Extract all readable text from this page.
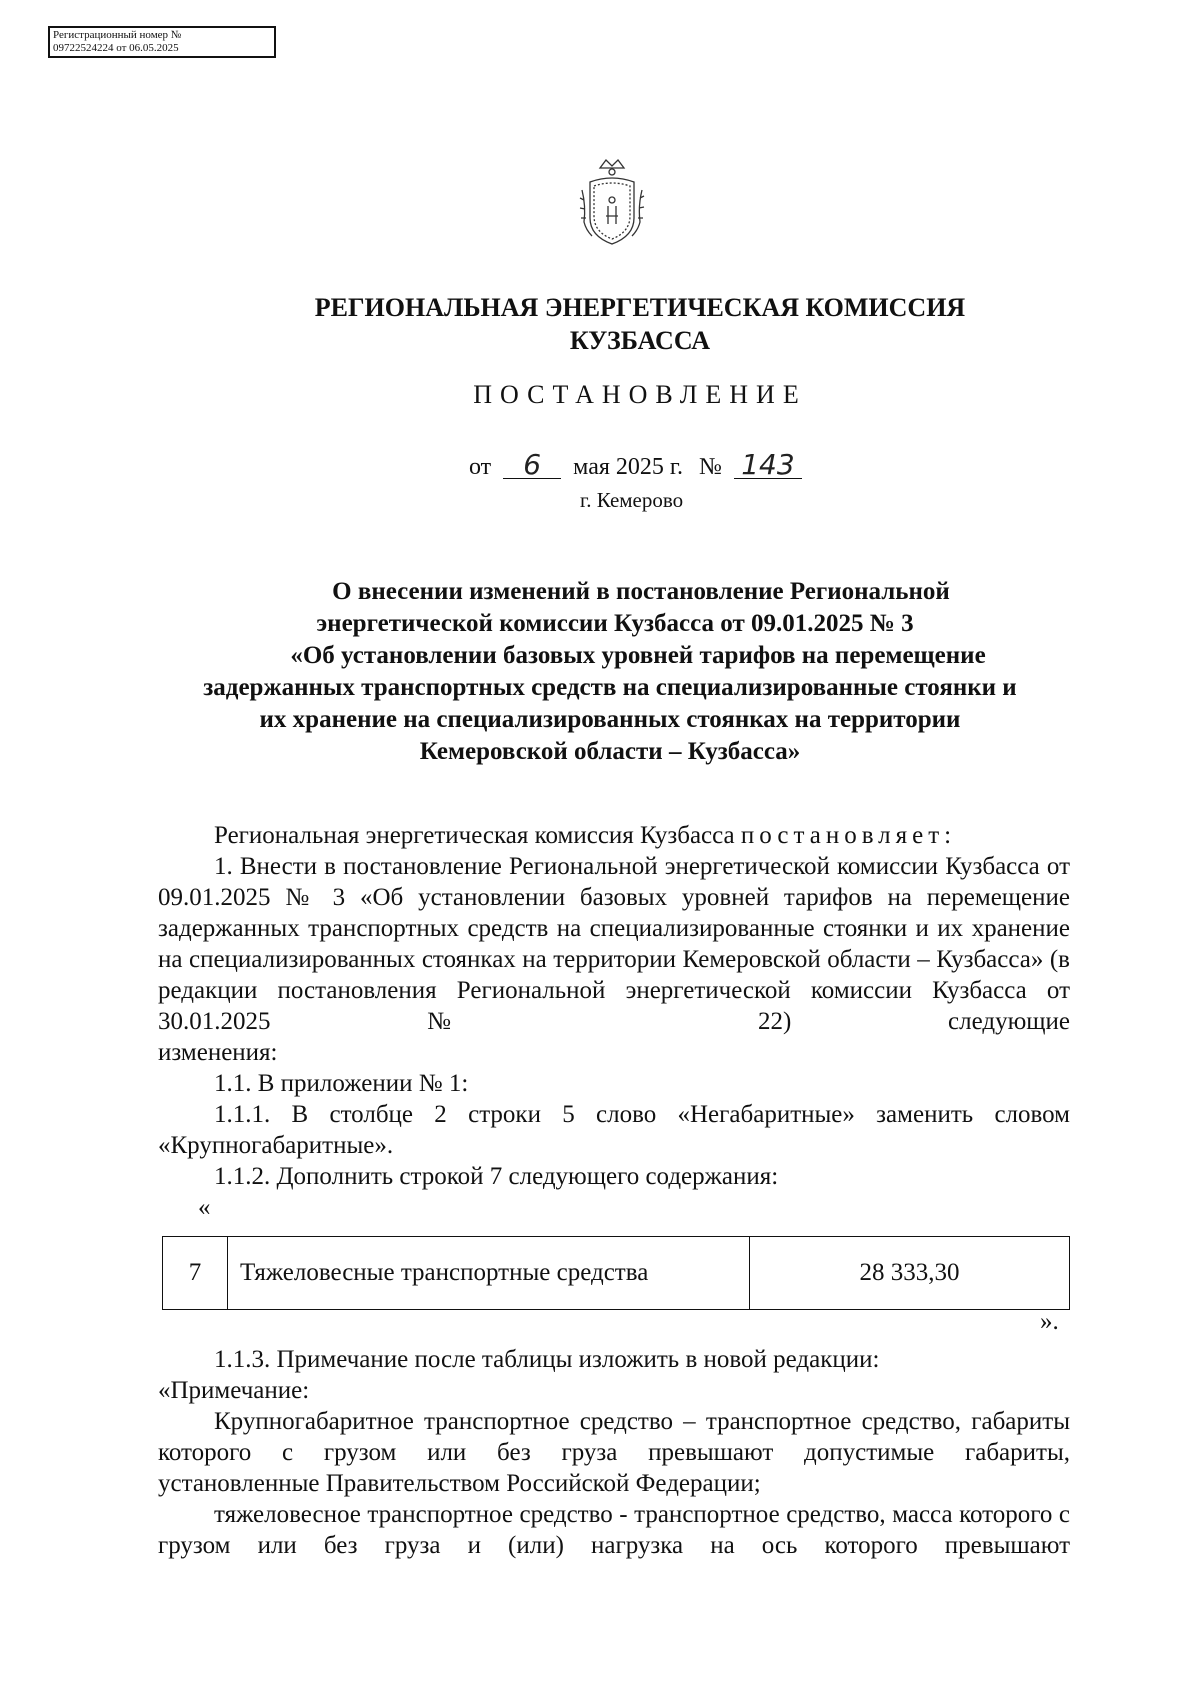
Регистрационный номер №
09722524224 от 06.05.2025
РЕГИОНАЛЬНАЯ ЭНЕРГЕТИЧЕСКАЯ КОМИССИЯ
КУЗБАССА
ПОСТАНОВЛЕНИЕ
от 6 мая 2025 г. № 143
г. Кемерово
О внесении изменений в постановление Региональной
энергетической комиссии Кузбасса от 09.01.2025 № 3
«Об установлении базовых уровней тарифов на перемещение
задержанных транспортных средств на специализированные стоянки и
их хранение на специализированных стоянках на территории
Кемеровской области – Кузбасса»
Региональная энергетическая комиссия Кузбасса постановляет:
1. Внести в постановление Региональной энергетической комиссии Кузбасса от 09.01.2025 № 3 «Об установлении базовых уровней тарифов на перемещение задержанных транспортных средств на специализированные стоянки и их хранение на специализированных стоянках на территории Кемеровской области – Кузбасса» (в редакции постановления Региональной энергетической комиссии Кузбасса от 30.01.2025 № 22) следующие
изменения:
1.1. В приложении № 1:
1.1.1. В столбце 2 строки 5 слово «Негабаритные» заменить словом
«Крупногабаритные».
1.1.2. Дополнить строкой 7 следующего содержания:
«
7	Тяжеловесные транспортные средства	28 333,30
».
1.1.3. Примечание после таблицы изложить в новой редакции:
«Примечание:
Крупногабаритное транспортное средство – транспортное средство, габариты которого с грузом или без груза превышают допустимые габариты,
установленные Правительством Российской Федерации;
тяжеловесное транспортное средство - транспортное средство, масса которого с грузом или без груза и (или) нагрузка на ось которого превышают
